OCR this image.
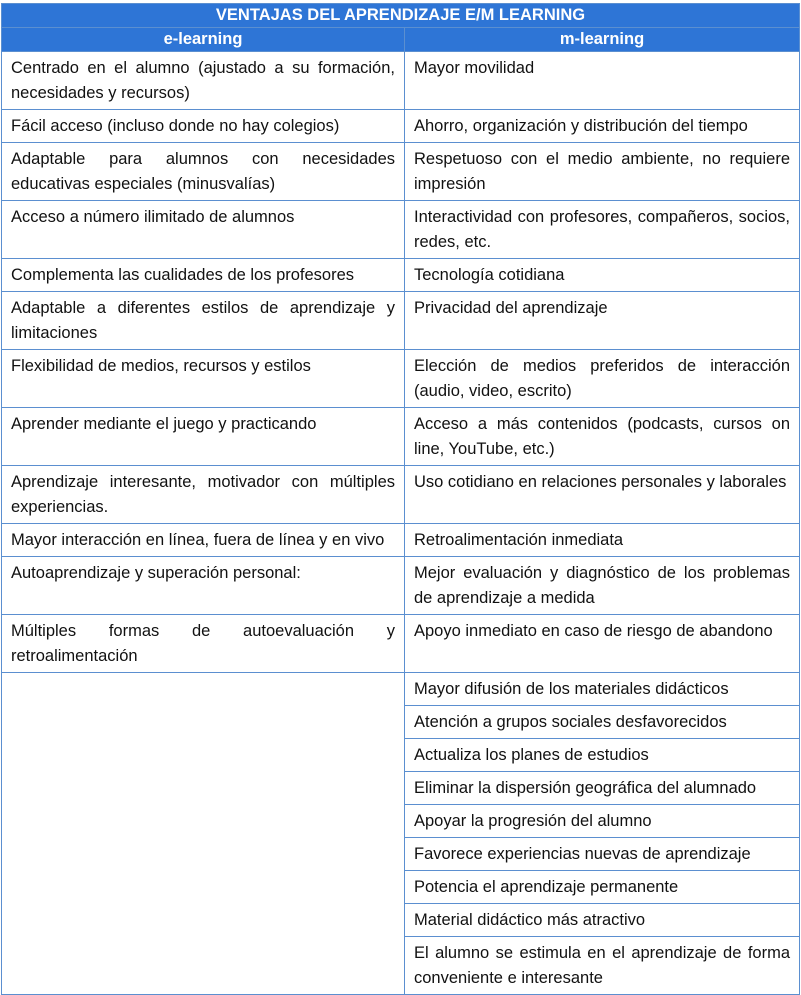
VENTAJAS DEL APRENDIZAJE E/M LEARNING	
e-learning	m-learning

Centrado en el alumno (ajustado a su formación, necesidades y recursos)	Mayor movilidad

Fácil acceso (incluso donde no hay colegios)	Ahorro, organización y distribución del tiempo

Adaptable para alumnos con necesidades educativas especiales (minusvalías)	Respetuoso con el medio ambiente, no requiere impresión

Acceso a número ilimitado de alumnos	Interactividad con profesores, compañeros, socios, redes, etc.

Complementa las cualidades de los profesores	Tecnología cotidiana

Adaptable a diferentes estilos de aprendizaje y limitaciones	Privacidad del aprendizaje

Flexibilidad de medios, recursos y estilos	Elección de medios preferidos de interacción (audio, video, escrito)

Aprender mediante el juego y practicando	Acceso a más contenidos (podcasts, cursos on line, YouTube, etc.)

Aprendizaje interesante, motivador con múltiples experiencias.	Uso cotidiano en relaciones personales y laborales

Mayor interacción en línea, fuera de línea y en vivo	Retroalimentación inmediata

Autoaprendizaje y superación personal:	Mejor evaluación y diagnóstico de los problemas de aprendizaje a medida

Múltiples formas de autoevaluación y retroalimentación	Apoyo inmediato en caso de riesgo de abandono

	Mayor difusión de los materiales didácticos

	Atención a grupos sociales desfavorecidos

	Actualiza los planes de estudios

	Eliminar la dispersión geográfica del alumnado

	Apoyar la progresión del alumno

	Favorece experiencias nuevas de aprendizaje

	Potencia el aprendizaje permanente

	Material didáctico más atractivo

	El alumno se estimula en el aprendizaje de forma conveniente e interesante
